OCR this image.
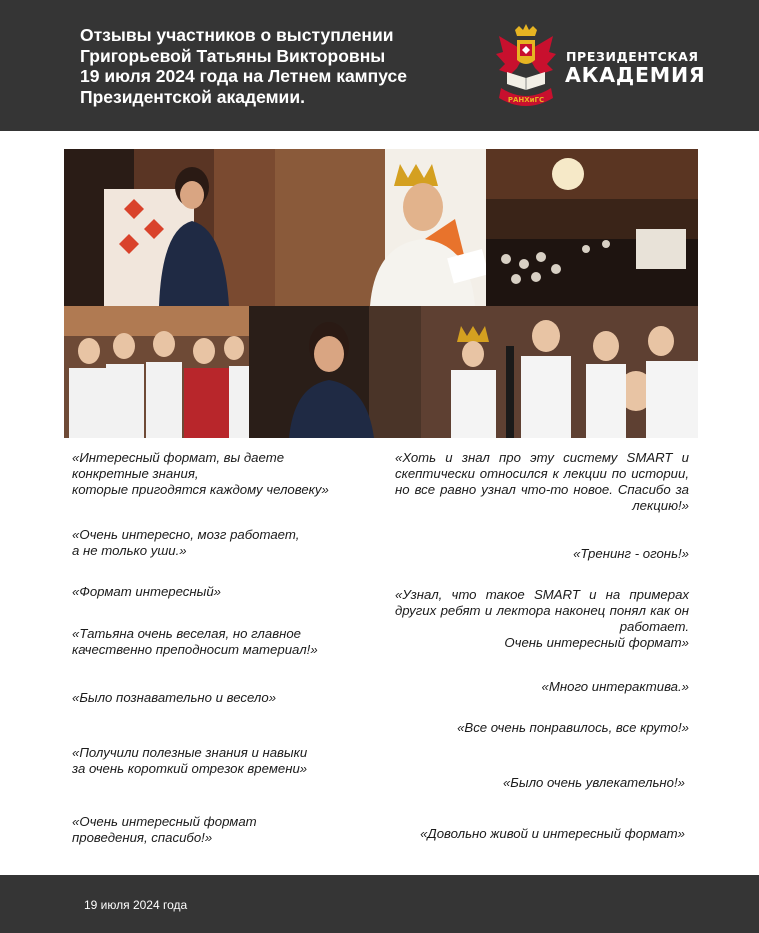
Отзывы участников о выступлении
Григорьевой Татьяны Викторовны
19 июля 2024 года на Летнем кампусе
Президентской академии.	РАНХиГС
ПРЕЗИДЕНТСКАЯ
АКАДЕМИЯ

«Интересный формат, вы даете
конкретные знания,
которые пригодятся каждому человеку»

«Очень интересно, мозг работает,
а не только уши.»

«Формат интересный»

«Татьяна очень веселая, но главное
качественно преподносит материал!»

«Было познавательно и весело»

«Получили полезные знания и навыки
за очень короткий отрезок времени»

«Очень интересный формат
проведения, спасибо!»

«Хоть и знал про эту систему SMART и скептически относился к лекции по истории, но все равно узнал что-то новое. Спасибо за лекцию!»

«Тренинг - огонь!»

«Узнал, что такое SMART и на примерах других ребят и лектора наконец понял как он работает.
Очень интересный формат»

«Много интерактива.»

«Все очень понравилось, все круто!»

«Было очень увлекательно!»

«Довольно живой и интересный формат»

19 июля 2024 года
